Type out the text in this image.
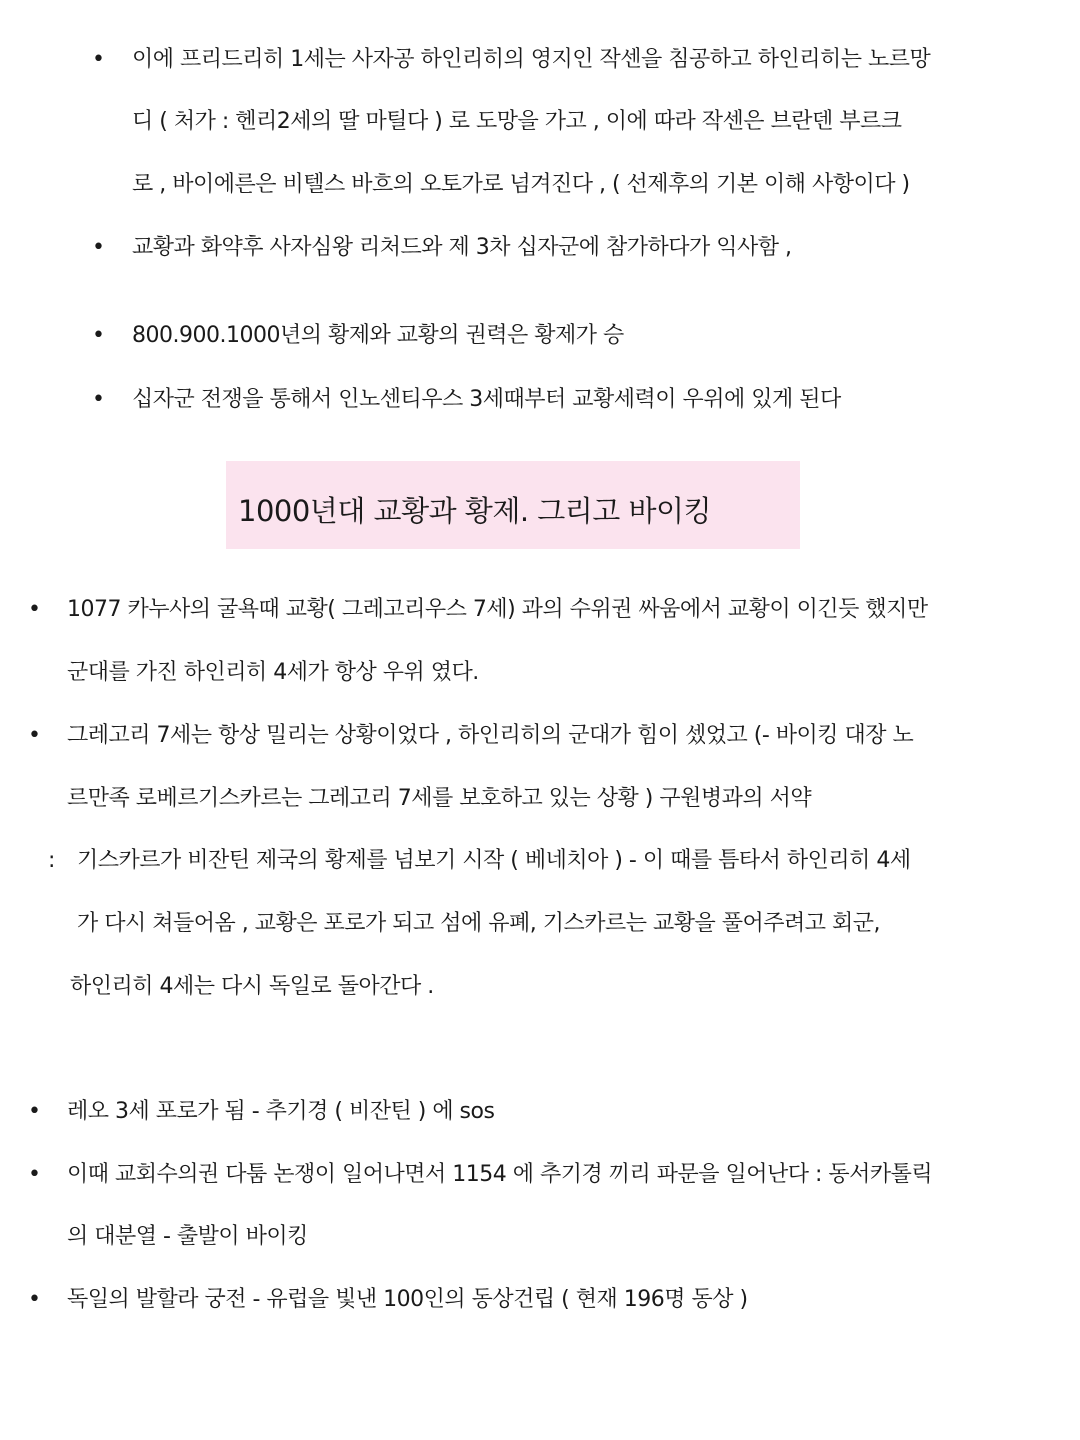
• 이에 프리드리히 1세는 사자공 하인리히의 영지인 작센을 침공하고 하인리히는 노르망
디 ( 처가 : 헨리2세의 딸 마틸다 ) 로 도망을 가고 , 이에 따라 작센은 브란덴 부르크
로 , 바이에른은 비텔스 바흐의 오토가로 넘겨진다 , ( 선제후의 기본 이해 사항이다 )
• 교황과 화약후 사자심왕 리처드와 제 3차 십자군에 참가하다가 익사함 ,
• 800.900.1000년의 황제와 교황의 권력은 황제가 승
• 십자군 전쟁을 통해서 인노센티우스 3세때부터 교황세력이 우위에 있게 된다
1000년대 교황과 황제. 그리고 바이킹
• 1077 카누사의 굴욕때 교황( 그레고리우스 7세) 과의 수위권 싸움에서 교황이 이긴듯 했지만
군대를 가진 하인리히 4세가 항상 우위 였다.
• 그레고리 7세는 항상 밀리는 상황이었다 , 하인리히의 군대가 힘이 셌었고 (- 바이킹 대장 노
르만족 로베르기스카르는 그레고리 7세를 보호하고 있는 상황 ) 구원병과의 서약
: 기스카르가 비잔틴 제국의 황제를 넘보기 시작 ( 베네치아 ) - 이 때를 틈타서 하인리히 4세
가 다시 쳐들어옴 , 교황은 포로가 되고 섬에 유폐, 기스카르는 교황을 풀어주려고 회군,
하인리히 4세는 다시 독일로 돌아간다 .
• 레오 3세 포로가 됨 - 추기경 ( 비잔틴 ) 에 sos
• 이때 교회수의권 다툼 논쟁이 일어나면서 1154 에 추기경 끼리 파문을 일어난다 : 동서카톨릭
의 대분열 - 출발이 바이킹
• 독일의 발할라 궁전 - 유럽을 빛낸 100인의 동상건립 ( 현재 196명 동상 )
